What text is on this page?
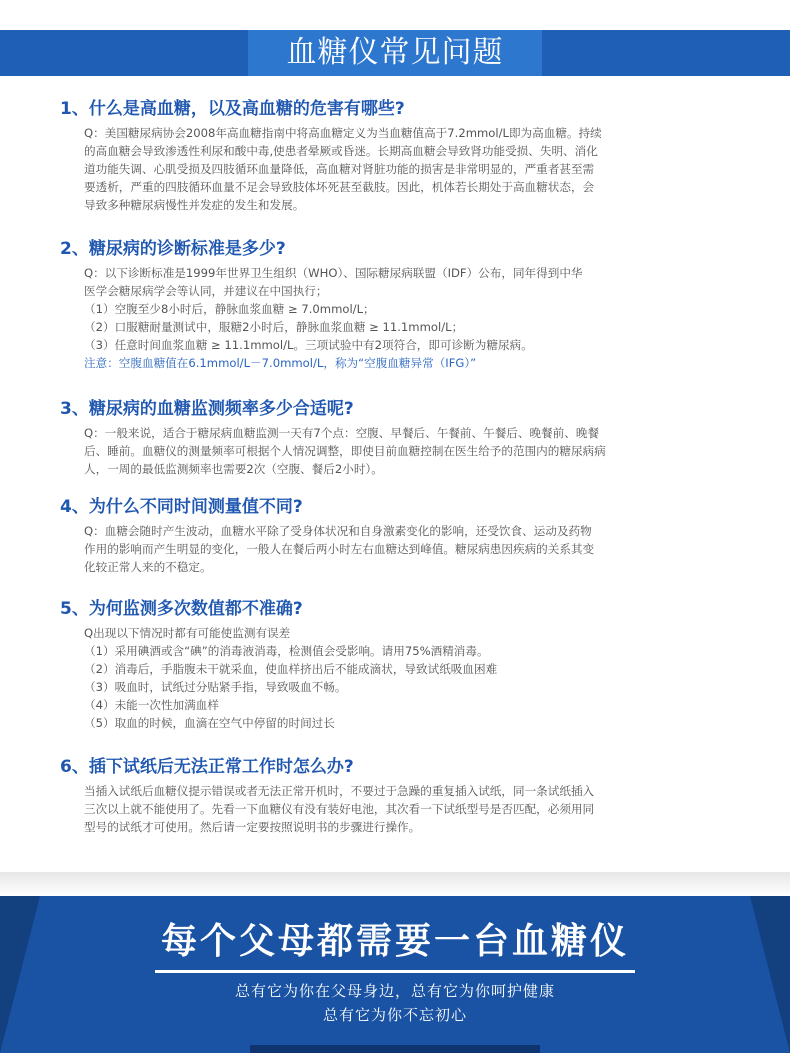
血糖仪常见问题
1、什么是高血糖，以及高血糖的危害有哪些?
Q：美国糖尿病协会2008年高血糖指南中将高血糖定义为当血糖值高于7.2mmol/L即为高血糖。持续
的高血糖会导致渗透性利尿和酸中毒,使患者晕厥或昏迷。长期高血糖会导致肾功能受损、失明、消化
道功能失调、心肌受损及四肢循环血量降低，高血糖对肾脏功能的损害是非常明显的，严重者甚至需
要透析，严重的四肢循环血量不足会导致肢体坏死甚至截肢。因此，机体若长期处于高血糖状态，会
导致多种糖尿病慢性并发症的发生和发展。
2、糖尿病的诊断标准是多少?
Q：以下诊断标准是1999年世界卫生组织（WHO）、国际糖尿病联盟（IDF）公布，同年得到中华
医学会糖尿病学会等认同，并建议在中国执行；
（1）空腹至少8小时后，静脉血浆血糖 ≥ 7.0mmol/L；
（2）口服糖耐量测试中，服糖2小时后，静脉血浆血糖 ≥ 11.1mmol/L；
（3）任意时间血浆血糖 ≥ 11.1mmol/L。三项试验中有2项符合，即可诊断为糖尿病。
注意：空腹血糖值在6.1mmol/L－7.0mmol/L，称为“空腹血糖异常（IFG）”
3、糖尿病的血糖监测频率多少合适呢?
Q：一般来说，适合于糖尿病血糖监测一天有7个点：空腹、早餐后、午餐前、午餐后、晚餐前、晚餐
后、睡前。血糖仪的测量频率可根据个人情况调整，即使目前血糖控制在医生给予的范围内的糖尿病病
人，一周的最低监测频率也需要2次（空腹、餐后2小时）。
4、为什么不同时间测量值不同?
Q：血糖会随时产生波动，血糖水平除了受身体状况和自身激素变化的影响，还受饮食、运动及药物
作用的影响而产生明显的变化，一般人在餐后两小时左右血糖达到峰值。糖尿病患因疾病的关系其变
化较正常人来的不稳定。
5、为何监测多次数值都不准确?
Q出现以下情况时都有可能使监测有误差
（1）采用碘酒或含“碘”的消毒液消毒，检测值会受影响。请用75%酒精消毒。
（2）消毒后，手脂腹未干就采血，使血样挤出后不能成滴状，导致试纸吸血困难
（3）吸血时，试纸过分贴紧手指，导致吸血不畅。
（4）未能一次性加满血样
（5）取血的时候，血滴在空气中停留的时间过长
6、插下试纸后无法正常工作时怎么办?
当插入试纸后血糖仪提示错误或者无法正常开机时，不要过于急躁的重复插入试纸，同一条试纸插入
三次以上就不能使用了。先看一下血糖仪有没有装好电池，其次看一下试纸型号是否匹配，必须用同
型号的试纸才可使用。然后请一定要按照说明书的步骤进行操作。
每个父母都需要一台血糖仪
总有它为你在父母身边，总有它为你呵护健康
总有它为你不忘初心
